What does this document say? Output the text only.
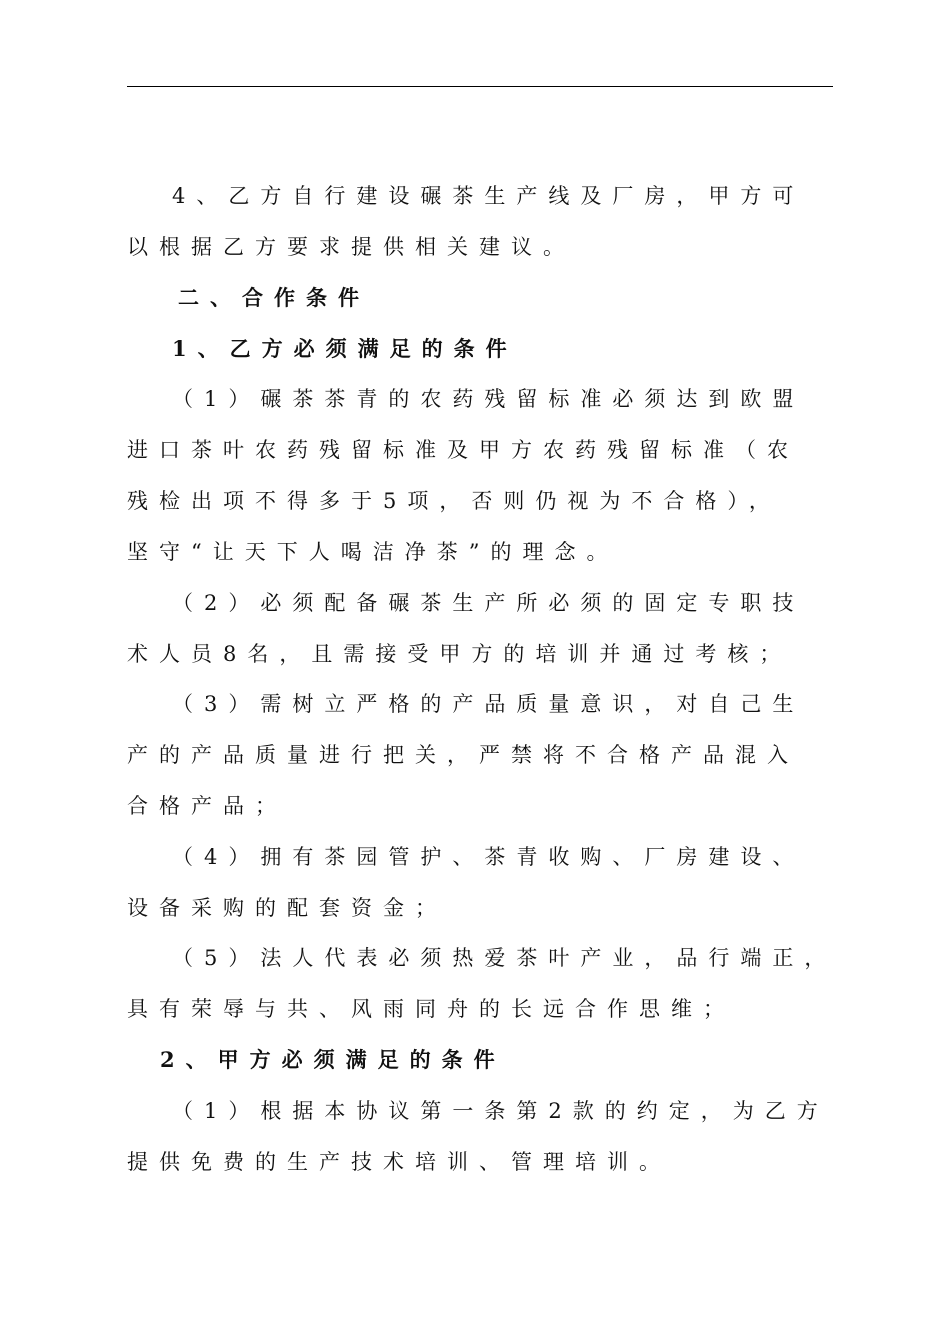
4、乙方自行建设碾茶生产线及厂房，甲方可
以根据乙方要求提供相关建议。
二、合作条件
1、乙方必须满足的条件
（1）碾茶茶青的农药残留标准必须达到欧盟
进口茶叶农药残留标准及甲方农药残留标准（农
残检出项不得多于5项，否则仍视为不合格），
坚守“让天下人喝洁净茶”的理念。
（2）必须配备碾茶生产所必须的固定专职技
术人员8名，且需接受甲方的培训并通过考核；
（3）需树立严格的产品质量意识，对自己生
产的产品质量进行把关，严禁将不合格产品混入
合格产品；
（4）拥有茶园管护、茶青收购、厂房建设、
设备采购的配套资金；
（5）法人代表必须热爱茶叶产业，品行端正，
具有荣辱与共、风雨同舟的长远合作思维；
2、甲方必须满足的条件
（1）根据本协议第一条第2款的约定，为乙方
提供免费的生产技术培训、管理培训。
